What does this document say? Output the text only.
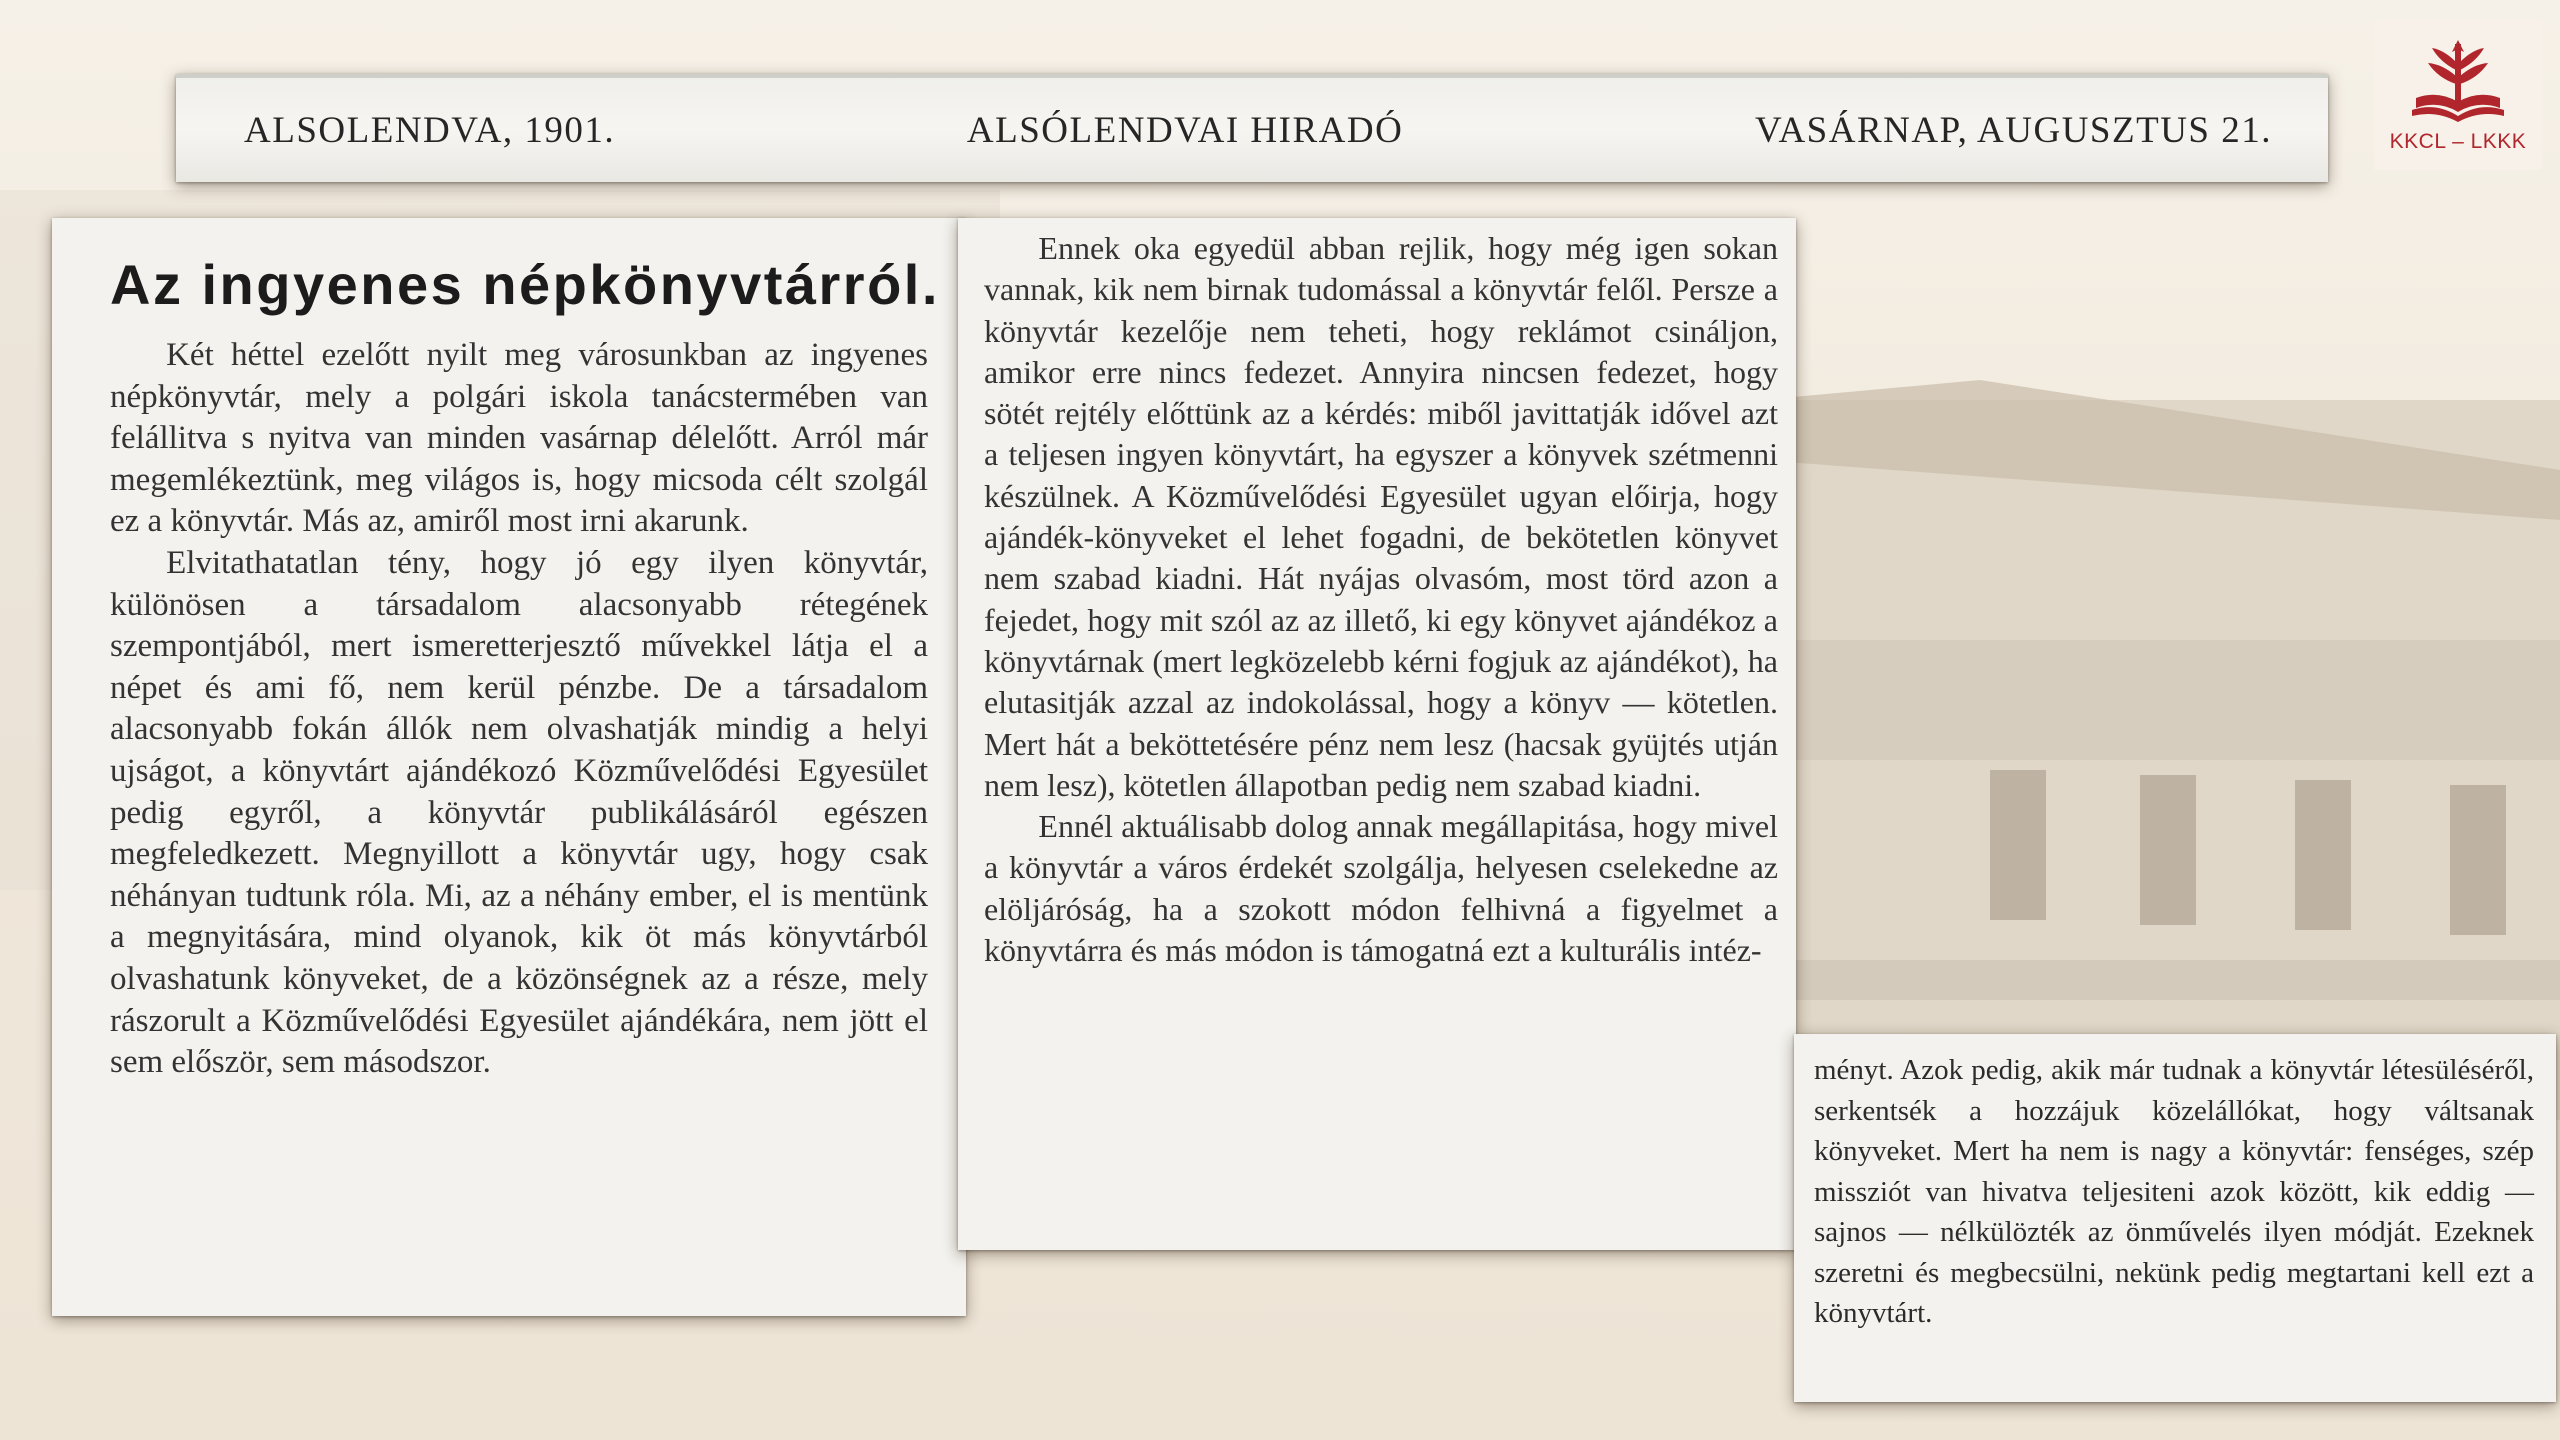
ALSOLENDVA, 1901.	ALSÓLENDVAI HIRADÓ	VASÁRNAP, AUGUSZTUS 21.
Az ingyenes népkönyvtárról.

Két héttel ezelőtt nyilt meg városunkban az ingyenes népkönyvtár, mely a polgári iskola tanácstermében van felállitva s nyitva van minden vasárnap délelőtt. Arról már megemlékeztünk, meg világos is, hogy micsoda célt szolgál ez a könyvtár. Más az, amiről most irni akarunk.

Elvitathatatlan tény, hogy jó egy ilyen könyvtár, különösen a társadalom alacsonyabb rétegének szempontjából, mert ismeretterjesztő művekkel látja el a népet és ami fő, nem kerül pénzbe. De a társadalom alacsonyabb fokán állók nem olvashatják mindig a helyi ujságot, a könyvtárt ajándékozó Közművelődési Egyesület pedig egyről, a könyvtár publikálásáról egészen megfeledkezett. Megnyillott a könyvtár ugy, hogy csak néhányan tudtunk róla. Mi, az a néhány ember, el is mentünk a megnyitására, mind olyanok, kik öt más könyvtárból olvashatunk könyveket, de a közönségnek az a része, mely rászorult a Közművelődési Egyesület ajándékára, nem jött el sem először, sem másodszor.

Ennek oka egyedül abban rejlik, hogy még igen sokan vannak, kik nem birnak tudomással a könyvtár felől. Persze a könyvtár kezelője nem teheti, hogy reklámot csináljon, amikor erre nincs fedezet. Annyira nincsen fedezet, hogy sötét rejtély előttünk az a kérdés: miből javittatják idővel azt a teljesen ingyen könyvtárt, ha egyszer a könyvek szétmenni készülnek. A Közművelődési Egyesület ugyan előirja, hogy ajándék-könyveket el lehet fogadni, de bekötetlen könyvet nem szabad kiadni. Hát nyájas olvasóm, most törd azon a fejedet, hogy mit szól az az illető, ki egy könyvet ajándékoz a könyvtárnak (mert legközelebb kérni fogjuk az ajándékot), ha elutasitják azzal az indokolással, hogy a könyv — kötetlen. Mert hát a beköttetésére pénz nem lesz (hacsak gyüjtés utján nem lesz), kötetlen állapotban pedig nem szabad kiadni.

Ennél aktuálisabb dolog annak megállapitása, hogy mivel a könyvtár a város érdekét szolgálja, helyesen cselekedne az elöljáróság, ha a szokott módon felhivná a figyelmet a könyvtárra és más módon is támogatná ezt a kulturális intéz-

ményt. Azok pedig, akik már tudnak a könyvtár létesüléséről, serkentsék a hozzájuk közelállókat, hogy váltsanak könyveket. Mert ha nem is nagy a könyvtár: fenséges, szép missziót van hivatva teljesiteni azok között, kik eddig — sajnos — nélkülözték az önművelés ilyen módját. Ezeknek szeretni és megbecsülni, nekünk pedig megtartani kell ezt a könyvtárt.

KKCL – LKKK
